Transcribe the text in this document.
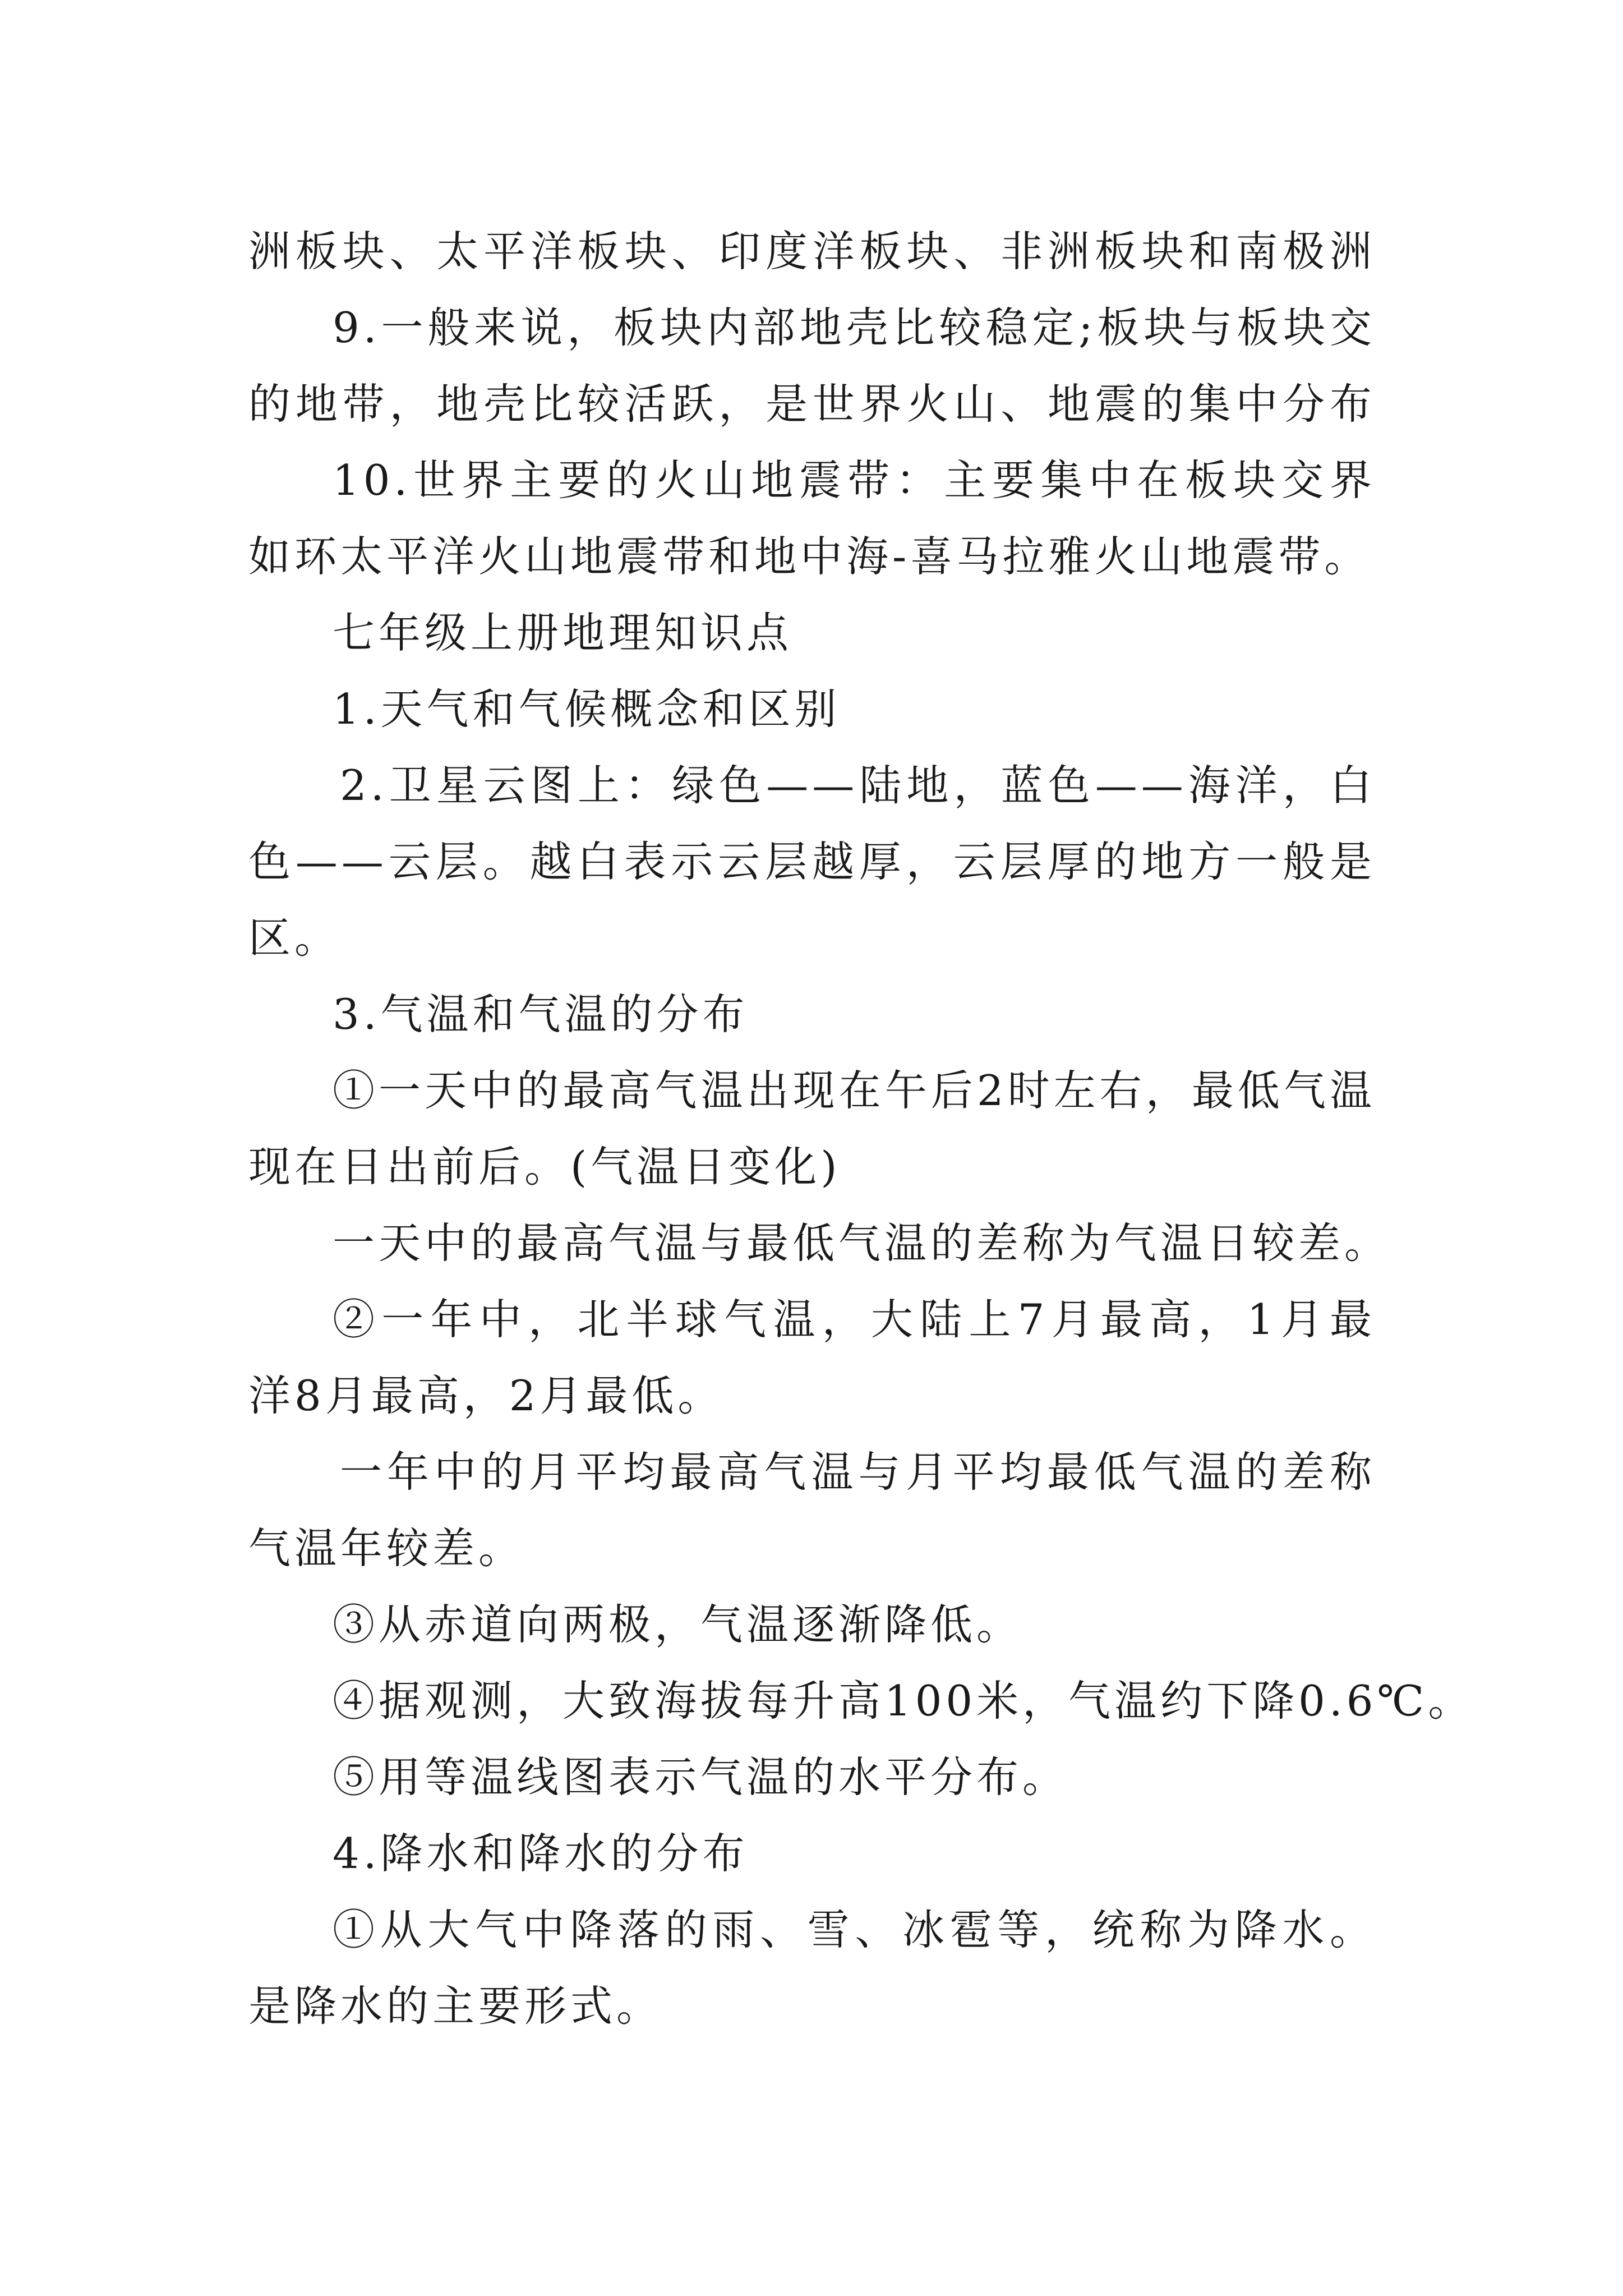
洲板块、太平洋板块、印度洋板块、非洲板块和南极洲
9.一般来说，板块内部地壳比较稳定;板块与板块交
的地带，地壳比较活跃，是世界火山、地震的集中分布
10.世界主要的火山地震带：主要集中在板块交界
如环太平洋火山地震带和地中海-喜马拉雅火山地震带。
七年级上册地理知识点
1.天气和气候概念和区别
2.卫星云图上：绿色——陆地，蓝色——海洋，白
色——云层。越白表示云层越厚，云层厚的地方一般是
区。
3.气温和气温的分布
①一天中的最高气温出现在午后2时左右，最低气温
现在日出前后。(气温日变化)
一天中的最高气温与最低气温的差称为气温日较差。
②一年中，北半球气温，大陆上7月最高，1月最
洋8月最高，2月最低。
一年中的月平均最高气温与月平均最低气温的差称
气温年较差。
③从赤道向两极，气温逐渐降低。
④据观测，大致海拔每升高100米，气温约下降0.6℃。
⑤用等温线图表示气温的水平分布。
4.降水和降水的分布
①从大气中降落的雨、雪、冰雹等，统称为降水。
是降水的主要形式。
